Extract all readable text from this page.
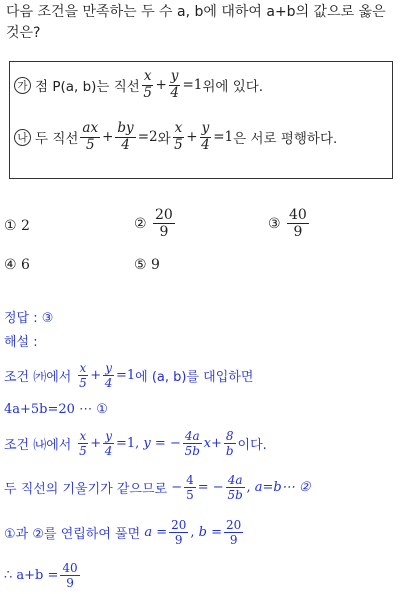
다음 조건을 만족하는 두 수 a, b에 대하여 a+b의 값으로 옳은
것은?
가 점 P(a, b)는 직선 $\frac{x}{5} + \frac{y}{4} =1$ 위에 있다.
나 두 직선 $\frac{ax}{5} + \frac{by}{4} =2$ 와 $\frac{x}{5} + \frac{y}{4} =1$ 은 서로 평행하다.
①
2	②
$\frac{20}{9}$	③
$\frac{40}{9}$
④
6	⑤
9
정답 : ③
해설 :
조건 ㈎에서
$\frac{x}{5} + \frac{y}{4} =1$ 에 (a, b)를 대입하면
4a+5b=20 ⋯ ①
조건 ㈏에서
$\frac{x}{5} + \frac{y}{4} =1$, y = − $\frac{4a}{5b}$ $x + \frac{8}{b}$ 이다.
두 직선의 기울기가 같으므로
− $\frac{4}{5}$ = − $\frac{4a}{5b}$ , a=b⋯ ②
①과 ②를 연립하여 풀면
$a = \frac{20}{9}$ , $b = \frac{20}{9}$
∴ $a+b = \frac{40}{9}$
